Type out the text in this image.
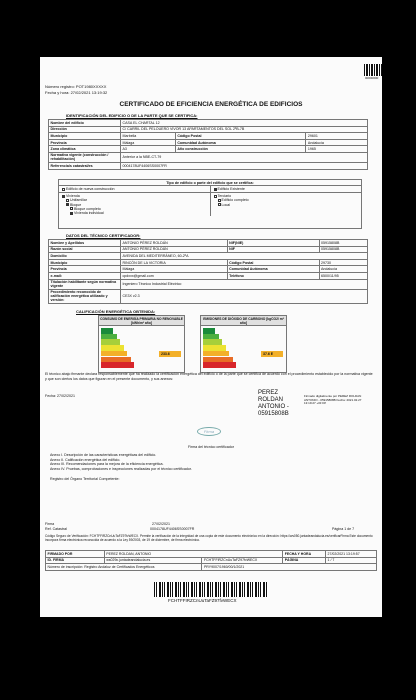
00000000
Número registro: POT1980XXXXX
Fecha y hora: 27/02/2021 13:19:32
CERTIFICADO DE EFICIENCIA ENERGÉTICA DE EDIFICIOS
IDENTIFICACIÓN DEL EDIFICIO O DE LA PARTE QUE SE CERTIFICA:
Nombre del edificio	CASA EL CHARTAL 12		
Dirección	C/ CARRIL DEL PELOUERO VIVOR 13 APARTAMENTOS DEL SOL 2ºB-7B		
Municipio	Marbella	Código Postal	29601
Provincia	Málaga	Comunidad Autónoma	Andalucía
Zona climática	A3	Año construcción	1965
Normativa vigente (construcción / rehabilitación)	Anterior a la NBE-CT-79		
Referencia/s catastral/es	0004178UF4406SS0007FR		
Tipo de edificio o parte del edificio que se certifica:
Edificio de nueva construcción	Edificio Existente
Vivienda
Unifamiliar
Bloque
Bloque completo
Vivienda individual
Terciario
Edificio completo
Local
DATOS DEL TÉCNICO CERTIFICADOR:
Nombre y Apellidos	ANTONIO PÉREZ ROLDÁN	NIF(NIE)	05915808B
Razón social	ANTONIO PÉREZ ROLDÁN	NIF	05915808B
Domicilio	AVENIDA DEL MEDITERRÁNEO, 60-2ºA		
Municipio	RINCÓN DE LA VICTORIA	Código Postal	29730
Provincia	Málaga	Comunidad Autónoma	Andalucía
e-mail:	cpdxxx@gmail.com	Teléfono	6500/11/95
Titulación habilitante según normativa vigente	Ingeniero Técnico Industrial Eléctrico		
Procedimiento reconocido de calificación energética utilizado y versión:	CE3X v2.3		
CALIFICACIÓN ENERGÉTICA OBTENIDA:
CONSUMO DE ENERGÍA PRIMARIA NO RENOVABLE [kWh/m² año]
233.6
EMISIONES DE DIÓXIDO DE CARBONO [kgCO2/ m² año]
37.6 E
El técnico abajo firmante declara responsablemente que ha realizado la certificación energética del edificio o de la parte que se certifica de acuerdo con el procedimiento establecido por la normativa vigente y que son ciertos los datos que figuran en el presente documento, y sus anexos:
Fecha: 27/02/2021
Firma
Firma del técnico certificador
PEREZ ROLDAN ANTONIO - 05915808B
Firmado digitalmente por PEREZ ROLDAN ANTONIO - 05915808B Fecha: 2021.02.27 13:19:27 +01'00'
Anexo I. Descripción de las características energéticas del edificio.
Anexo II. Calificación energética del edificio.
Anexo III. Recomendaciones para la mejora de la eficiencia energética.
Anexo IV. Pruebas, comprobaciones e inspecciones realizadas por el técnico certificador.
Registro del Órgano Territorial Competente:
Firma
Ref. Catastral
27/02/2021
0004178UF4406SS0007FR	Página 1 de 7
Código Seguro de Verificación: FCHTFFIRZCnUuTaFZ97fvWECX. Permite la verificación de la integridad de una copia de este documento electrónico en la dirección: https://ws050.juntadeandalucia.es/verificarFirma Este documento incorpora firma electrónica reconocida de acuerdo a la Ley 59/2003, de 19 de diciembre, de firma electrónica.
FIRMADO POR	PEREZ ROLDAN, ANTONIO		FECHA Y HORA	27/02/2021 13:19:57
ID. FIRMA	ws029c.juntadeandalucia.es	FCHTFFIRZCnUuTaFZ97fvWECX	PÁGINA	1 / 7
Número de inscripción: Registro Andaluz de Certificados Energéticos		PRY9007/1960/00/1/2021		
FCHTFFIRZCnUuTaFZ97fvWECX
